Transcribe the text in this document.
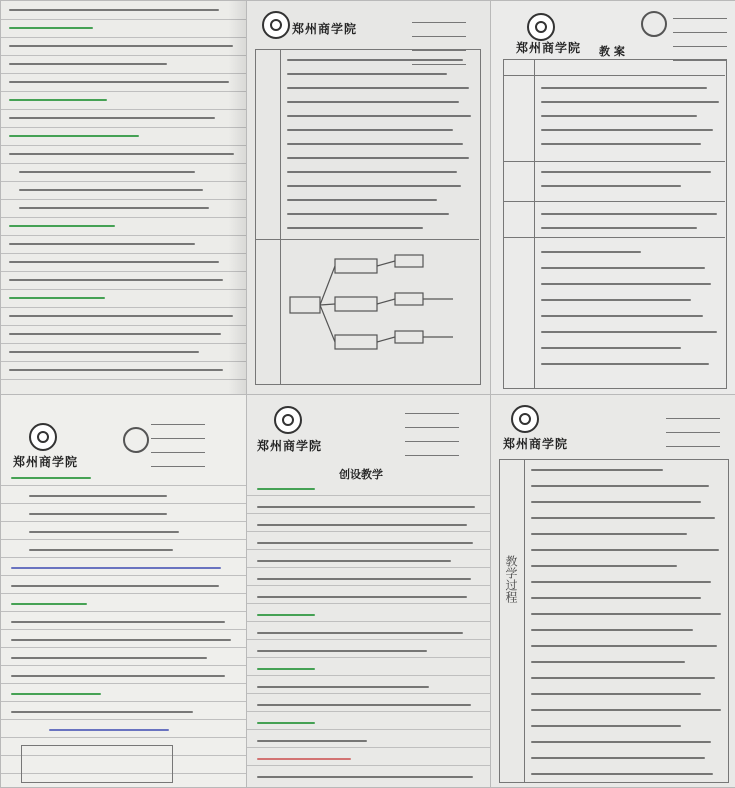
郑州商学院

郑州商学院 教 案

郑州商学院

郑州商学院

创设教学
郑州商学院

教学过程
